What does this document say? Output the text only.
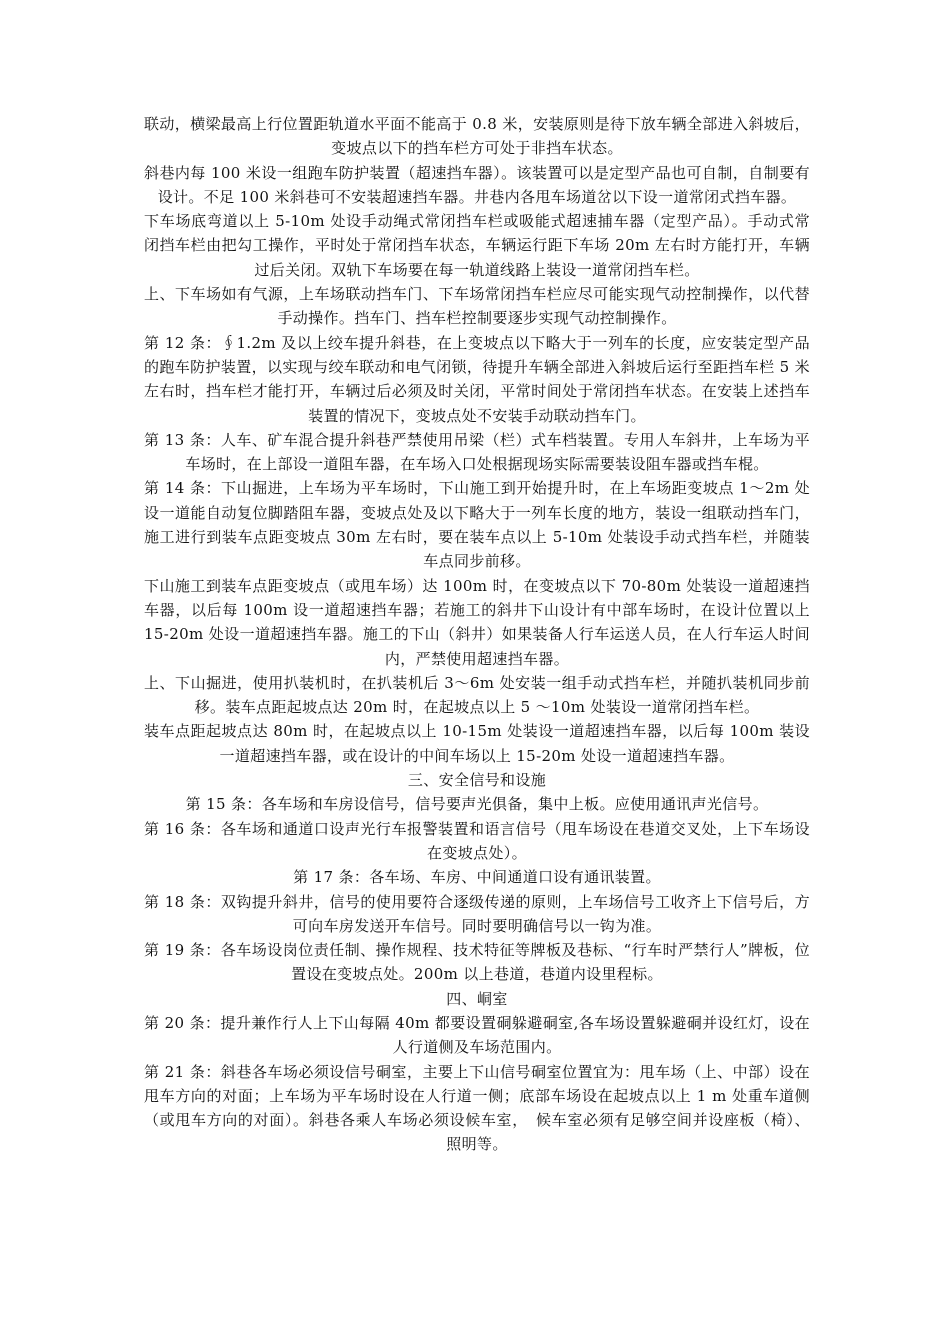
联动，横梁最高上行位置距轨道水平面不能高于 0.8 米，安装原则是待下放车辆全部进入斜坡后，变坡点以下的挡车栏方可处于非挡车状态。

斜巷内每 100 米设一组跑车防护装置（超速挡车器）。该装置可以是定型产品也可自制，自制要有设计。不足 100 米斜巷可不安装超速挡车器。井巷内各甩车场道岔以下设一道常闭式挡车器。

下车场底弯道以上 5-10m 处设手动绳式常闭挡车栏或吸能式超速捕车器（定型产品）。手动式常闭挡车栏由把勾工操作，平时处于常闭挡车状态，车辆运行距下车场 20m 左右时方能打开，车辆过后关闭。双轨下车场要在每一轨道线路上装设一道常闭挡车栏。

上、下车场如有气源，上车场联动挡车门、下车场常闭挡车栏应尽可能实现气动控制操作，以代替手动操作。挡车门、挡车栏控制要逐步实现气动控制操作。

第 12 条：∮1.2m 及以上绞车提升斜巷，在上变坡点以下略大于一列车的长度，应安装定型产品的跑车防护装置，以实现与绞车联动和电气闭锁，待提升车辆全部进入斜坡后运行至距挡车栏 5 米左右时，挡车栏才能打开，车辆过后必须及时关闭，平常时间处于常闭挡车状态。在安装上述挡车装置的情况下，变坡点处不安装手动联动挡车门。

第 13 条：人车、矿车混合提升斜巷严禁使用吊梁（栏）式车档装置。专用人车斜井，上车场为平车场时，在上部设一道阻车器，在车场入口处根据现场实际需要装设阻车器或挡车棍。

第 14 条：下山掘进，上车场为平车场时，下山施工到开始提升时，在上车场距变坡点 1～2m 处设一道能自动复位脚踏阻车器，变坡点处及以下略大于一列车长度的地方，装设一组联动挡车门，施工进行到装车点距变坡点 30m 左右时，要在装车点以上 5-10m 处装设手动式挡车栏，并随装车点同步前移。

下山施工到装车点距变坡点（或甩车场）达 100m 时，在变坡点以下 70-80m 处装设一道超速挡车器，以后每 100m 设一道超速挡车器；若施工的斜井下山设计有中部车场时，在设计位置以上 15-20m 处设一道超速挡车器。施工的下山（斜井）如果装备人行车运送人员，在人行车运人时间内，严禁使用超速挡车器。

上、下山掘进，使用扒装机时，在扒装机后 3～6m 处安装一组手动式挡车栏，并随扒装机同步前移。装车点距起坡点达 20m 时，在起坡点以上 5 ～10m 处装设一道常闭挡车栏。

装车点距起坡点达 80m 时，在起坡点以上 10-15m 处装设一道超速挡车器，以后每 100m 装设一道超速挡车器，或在设计的中间车场以上 15-20m 处设一道超速挡车器。

三、安全信号和设施

第 15 条：各车场和车房设信号，信号要声光俱备，集中上板。应使用通讯声光信号。

第 16 条：各车场和通道口设声光行车报警装置和语言信号（甩车场设在巷道交叉处，上下车场设在变坡点处）。

第 17 条：各车场、车房、中间通道口设有通讯装置。

第 18 条：双钩提升斜井，信号的使用要符合逐级传递的原则，上车场信号工收齐上下信号后，方可向车房发送开车信号。同时要明确信号以一钩为准。

第 19 条：各车场设岗位责任制、操作规程、技术特征等牌板及巷标、“行车时严禁行人”牌板，位置设在变坡点处。200m 以上巷道，巷道内设里程标。

四、峒室

第 20 条：提升兼作行人上下山每隔 40m 都要设置硐躲避硐室,各车场设置躲避硐并设红灯，设在人行道侧及车场范围内。

第 21 条：斜巷各车场必须设信号硐室，主要上下山信号硐室位置宜为：甩车场（上、中部）设在甩车方向的对面；上车场为平车场时设在人行道一侧；底部车场设在起坡点以上 1 m 处重车道侧（或甩车方向的对面）。斜巷各乘人车场必须设候车室，　候车室必须有足够空间并设座板（椅）、照明等。
